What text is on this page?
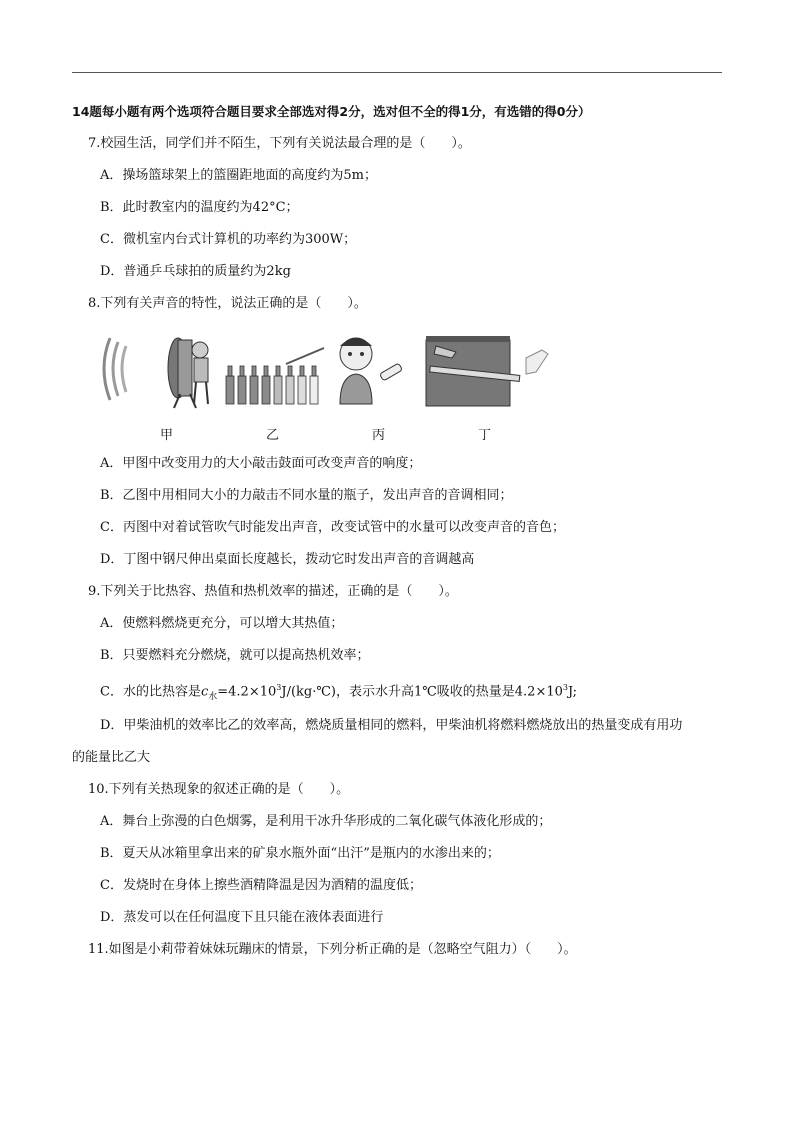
14题每小题有两个选项符合题目要求全部选对得2分，选对但不全的得1分，有选错的得0分）
7.校园生活，同学们并不陌生，下列有关说法最合理的是（　　）。
A．操场篮球架上的篮圈距地面的高度约为5m；
B．此时教室内的温度约为42°C；
C．微机室内台式计算机的功率约为300W；
D．普通乒乓球拍的质量约为2kg
8.下列有关声音的特性，说法正确的是（　　）。
甲	乙	丙	丁
A．甲图中改变用力的大小敲击鼓面可改变声音的响度；
B．乙图中用相同大小的力敲击不同水量的瓶子，发出声音的音调相同；
C．丙图中对着试管吹气时能发出声音，改变试管中的水量可以改变声音的音色；
D．丁图中钢尺伸出桌面长度越长，拨动它时发出声音的音调越高
9.下列关于比热容、热值和热机效率的描述，正确的是（　　）。
A．使燃料燃烧更充分，可以增大其热值；
B．只要燃料充分燃烧，就可以提高热机效率；
C．水的比热容是$c_水=4.2\times 10^3J/(kg\cdot℃)$，表示水升高1℃吸收的热量是$4.2\times 10^3J$;
D．甲柴油机的效率比乙的效率高，燃烧质量相同的燃料，甲柴油机将燃料燃烧放出的热量变成有用功
的能量比乙大
10.下列有关热现象的叙述正确的是（　　）。
A．舞台上弥漫的白色烟雾，是利用干冰升华形成的二氧化碳气体液化形成的；
B．夏天从冰箱里拿出来的矿泉水瓶外面“出汗”是瓶内的水渗出来的；
C．发烧时在身体上擦些酒精降温是因为酒精的温度低；
D．蒸发可以在任何温度下且只能在液体表面进行
11.如图是小莉带着妹妹玩蹦床的情景，下列分析正确的是（忽略空气阻力）（　　）。
